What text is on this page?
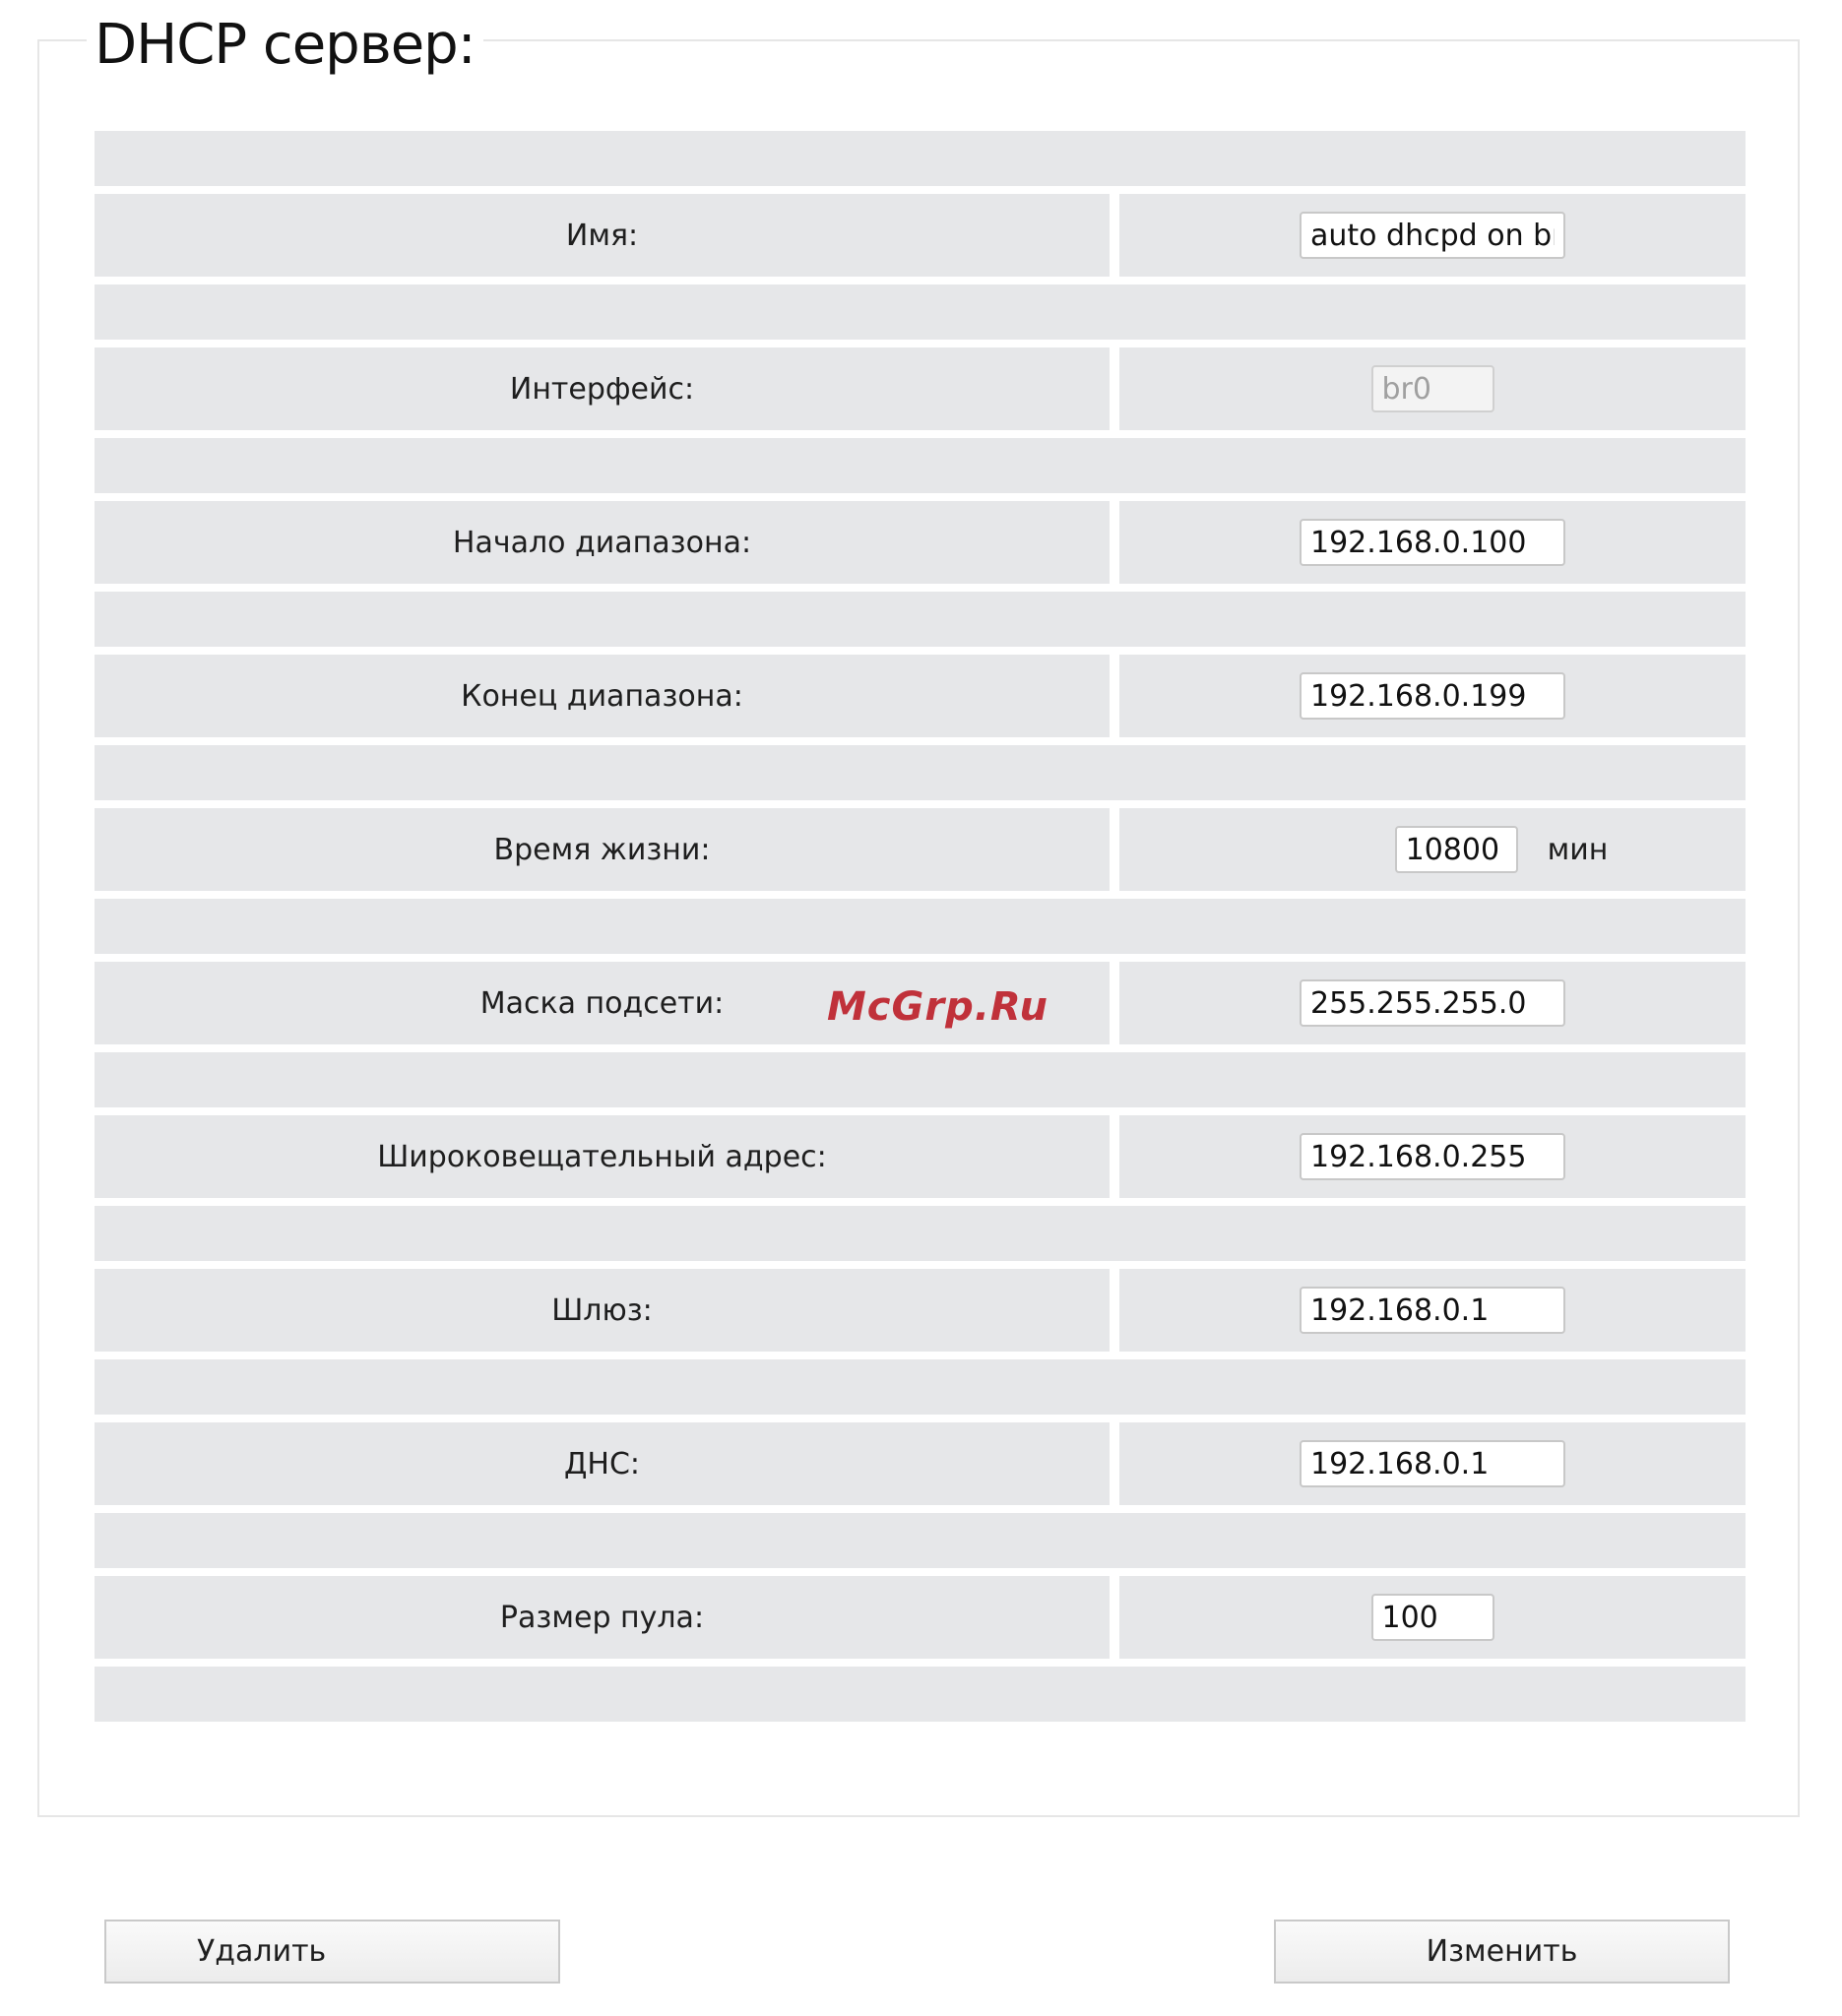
DHCP сервер:
Имя:
auto dhcpd on br0
Интерфейс:
br0
Начало диапазона:
192.168.0.100
Конец диапазона:
192.168.0.199
Время жизни:
10800	мин
Маска подсети:
255.255.255.0
Широковещательный адрес:
192.168.0.255
Шлюз:
192.168.0.1
ДНС:
192.168.0.1
Размер пула:
100
McGrp.Ru
Удалить	Изменить
